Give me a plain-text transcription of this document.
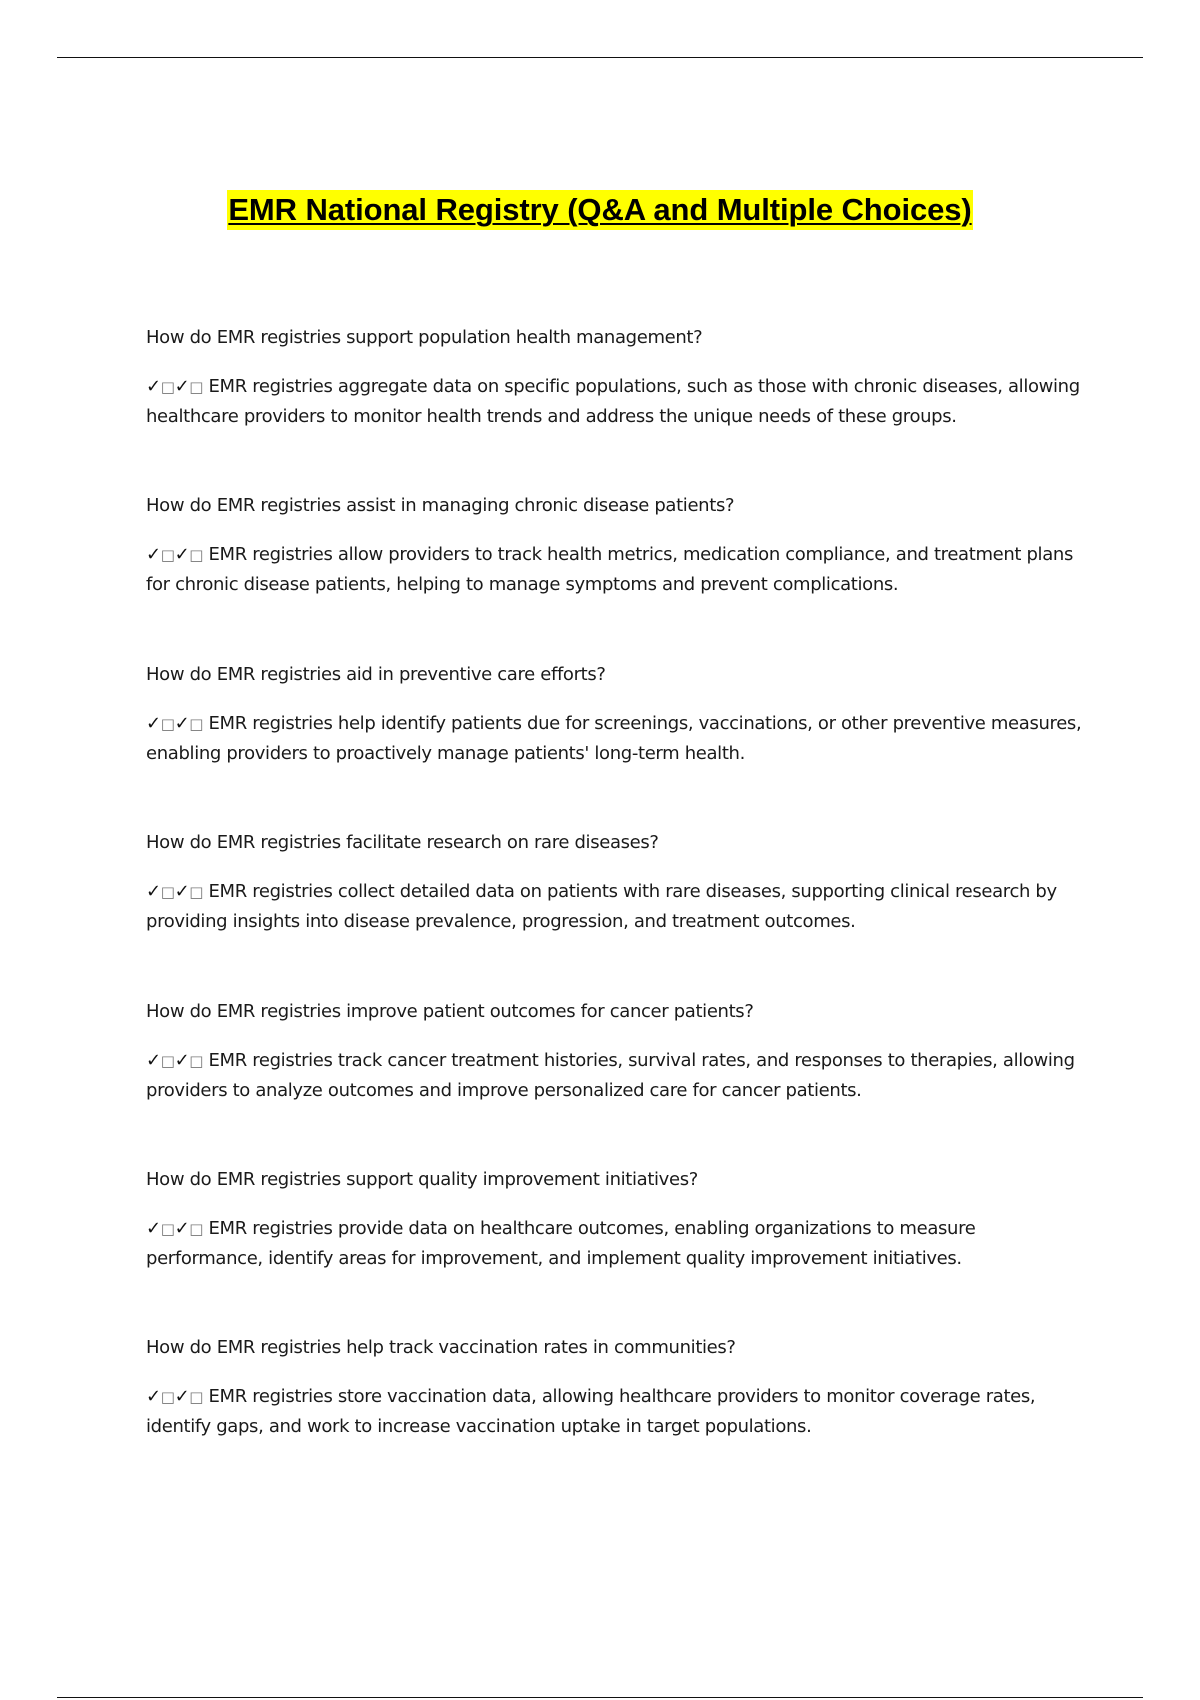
EMR National Registry (Q&A and Multiple Choices)

How do EMR registries support population health management?

✓□✓□ EMR registries aggregate data on specific populations, such as those with chronic diseases, allowing healthcare providers to monitor health trends and address the unique needs of these groups.

How do EMR registries assist in managing chronic disease patients?

✓□✓□ EMR registries allow providers to track health metrics, medication compliance, and treatment plans for chronic disease patients, helping to manage symptoms and prevent complications.

How do EMR registries aid in preventive care efforts?

✓□✓□ EMR registries help identify patients due for screenings, vaccinations, or other preventive measures, enabling providers to proactively manage patients' long-term health.

How do EMR registries facilitate research on rare diseases?

✓□✓□ EMR registries collect detailed data on patients with rare diseases, supporting clinical research by providing insights into disease prevalence, progression, and treatment outcomes.

How do EMR registries improve patient outcomes for cancer patients?

✓□✓□ EMR registries track cancer treatment histories, survival rates, and responses to therapies, allowing providers to analyze outcomes and improve personalized care for cancer patients.

How do EMR registries support quality improvement initiatives?

✓□✓□ EMR registries provide data on healthcare outcomes, enabling organizations to measure performance, identify areas for improvement, and implement quality improvement initiatives.

How do EMR registries help track vaccination rates in communities?

✓□✓□ EMR registries store vaccination data, allowing healthcare providers to monitor coverage rates, identify gaps, and work to increase vaccination uptake in target populations.
